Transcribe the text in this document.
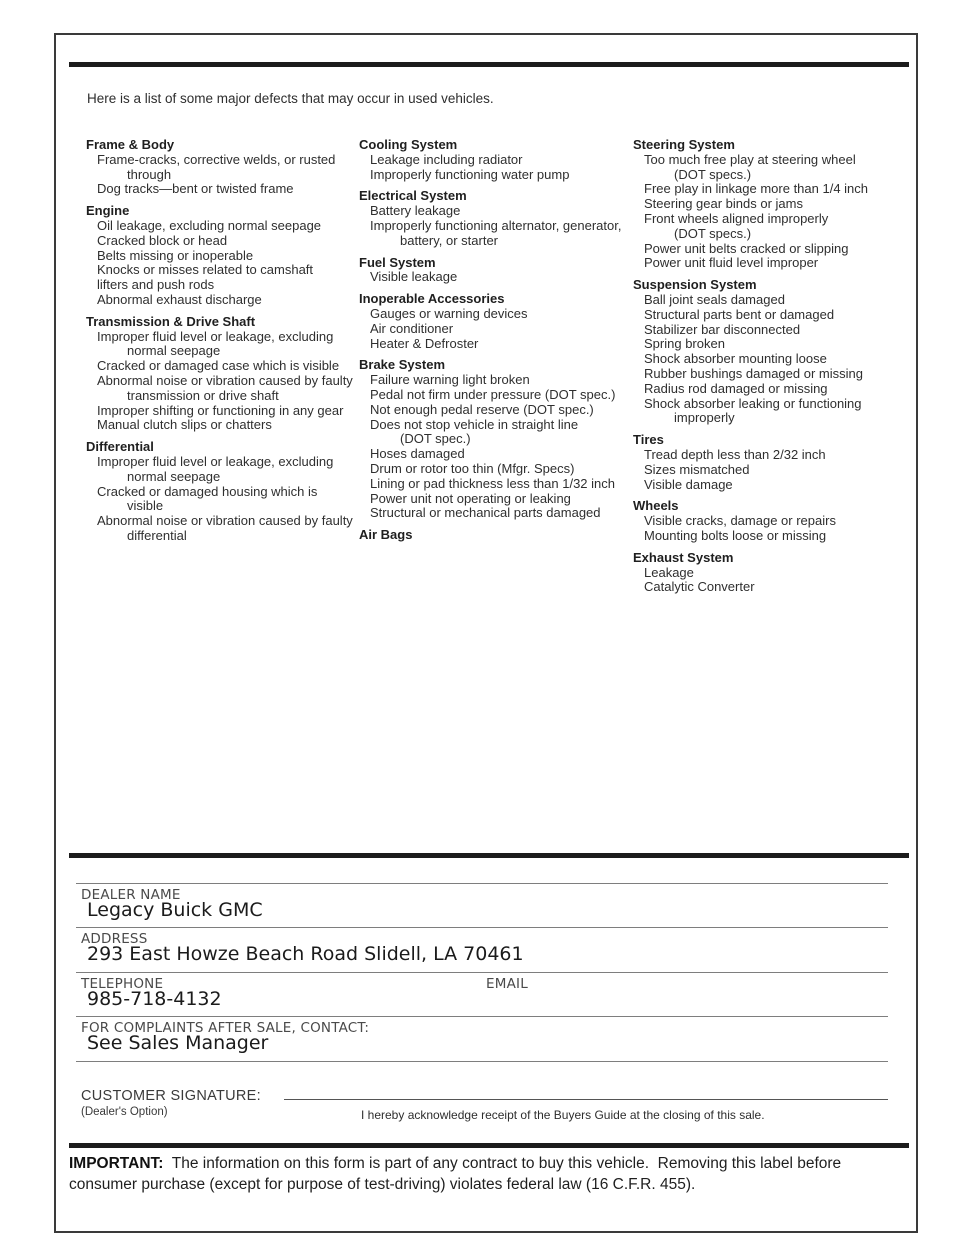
Here is a list of some major defects that may occur in used vehicles.
Frame & Body
Frame-cracks, corrective welds, or rusted
through
Dog tracks—bent or twisted frame
Engine
Oil leakage, excluding normal seepage
Cracked block or head
Belts missing or inoperable
Knocks or misses related to camshaft
lifters and push rods
Abnormal exhaust discharge
Transmission & Drive Shaft
Improper fluid level or leakage, excluding
normal seepage
Cracked or damaged case which is visible
Abnormal noise or vibration caused by faulty
transmission or drive shaft
Improper shifting or functioning in any gear
Manual clutch slips or chatters
Differential
Improper fluid level or leakage, excluding
normal seepage
Cracked or damaged housing which is
visible
Abnormal noise or vibration caused by faulty
differential
Cooling System
Leakage including radiator
Improperly functioning water pump
Electrical System
Battery leakage
Improperly functioning alternator, generator,
battery, or starter
Fuel System
Visible leakage
Inoperable Accessories
Gauges or warning devices
Air conditioner
Heater & Defroster
Brake System
Failure warning light broken
Pedal not firm under pressure (DOT spec.)
Not enough pedal reserve (DOT spec.)
Does not stop vehicle in straight line
(DOT spec.)
Hoses damaged
Drum or rotor too thin (Mfgr. Specs)
Lining or pad thickness less than 1/32 inch
Power unit not operating or leaking
Structural or mechanical parts damaged
Air Bags
Steering System
Too much free play at steering wheel
(DOT specs.)
Free play in linkage more than 1/4 inch
Steering gear binds or jams
Front wheels aligned improperly
(DOT specs.)
Power unit belts cracked or slipping
Power unit fluid level improper
Suspension System
Ball joint seals damaged
Structural parts bent or damaged
Stabilizer bar disconnected
Spring broken
Shock absorber mounting loose
Rubber bushings damaged or missing
Radius rod damaged or missing
Shock absorber leaking or functioning
improperly
Tires
Tread depth less than 2/32 inch
Sizes mismatched
Visible damage
Wheels
Visible cracks, damage or repairs
Mounting bolts loose or missing
Exhaust System
Leakage
Catalytic Converter
DEALER NAME
Legacy Buick GMC
ADDRESS
293 East Howze Beach Road Slidell, LA 70461
TELEPHONE	EMAIL
985-718-4132
FOR COMPLAINTS AFTER SALE, CONTACT:
See Sales Manager
CUSTOMER SIGNATURE:
(Dealer's Option)	I hereby acknowledge receipt of the Buyers Guide at the closing of this sale.
IMPORTANT:  The information on this form is part of any contract to buy this vehicle.  Removing this label before consumer purchase (except for purpose of test-driving) violates federal law (16 C.F.R. 455).
